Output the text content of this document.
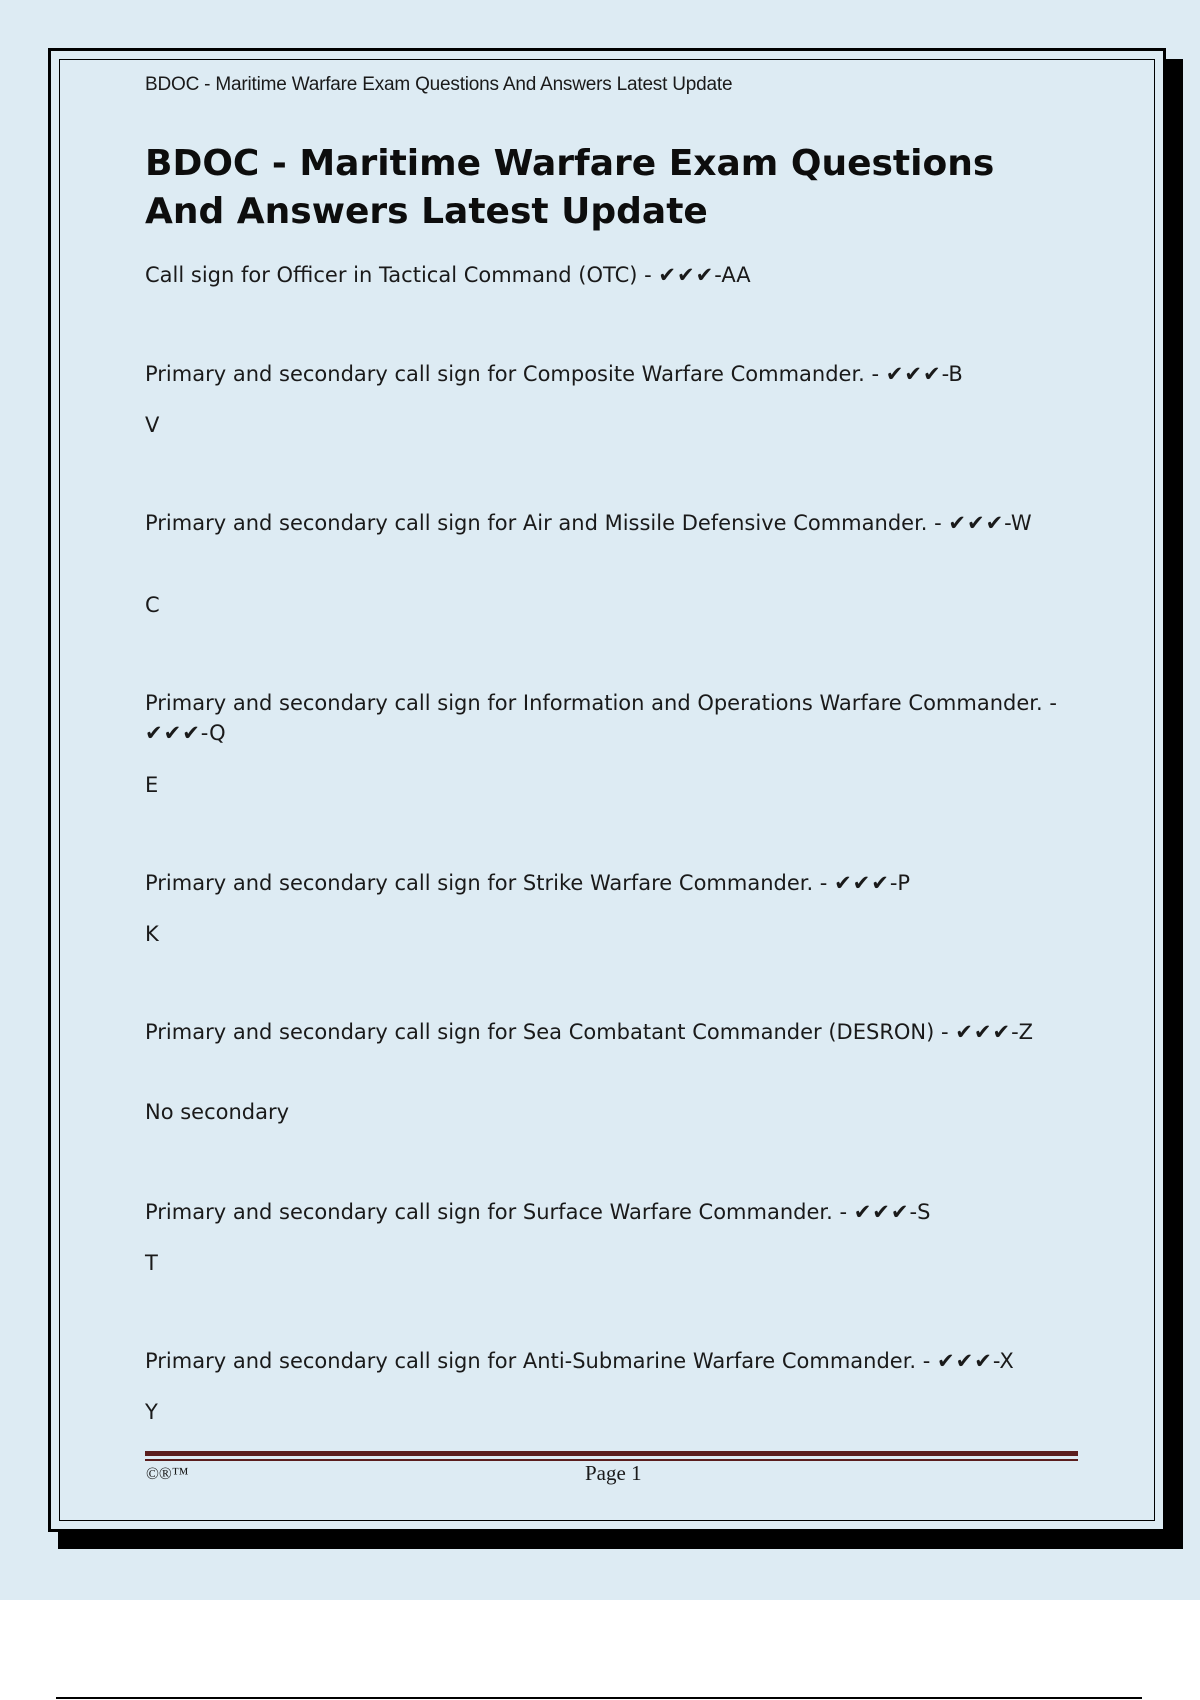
BDOC - Maritime Warfare Exam Questions And Answers Latest Update
BDOC - Maritime Warfare Exam Questions And Answers Latest Update

Call sign for Officer in Tactical Command (OTC) - ✔✔✔-AA

Primary and secondary call sign for Composite Warfare Commander. - ✔✔✔-B

V

Primary and secondary call sign for Air and Missile Defensive Commander. - ✔✔✔-W

C

Primary and secondary call sign for Information and Operations Warfare Commander. - ✔✔✔-Q

E

Primary and secondary call sign for Strike Warfare Commander. - ✔✔✔-P

K

Primary and secondary call sign for Sea Combatant Commander (DESRON) - ✔✔✔-Z

No secondary

Primary and secondary call sign for Surface Warfare Commander. - ✔✔✔-S

T

Primary and secondary call sign for Anti-Submarine Warfare Commander. - ✔✔✔-X

Y

©®™	Page 1
